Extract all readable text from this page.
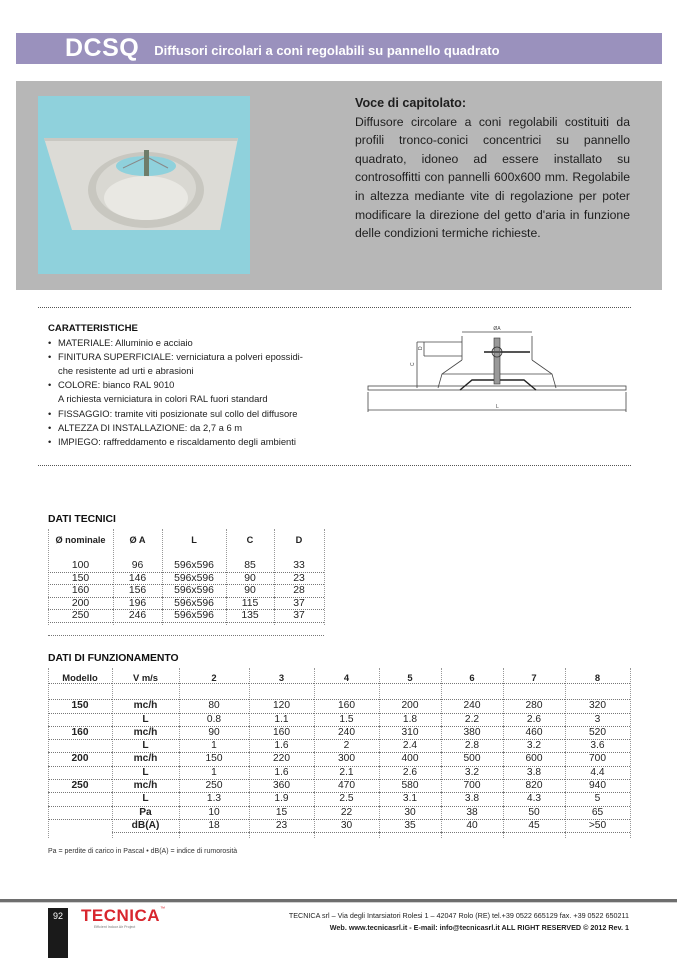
DCSQ Diffusori circolari a coni regolabili su pannello quadrato
Voce di capitolato:
Diffusore circolare a coni regolabili costituiti da profili tronco-conici concentrici su pannello quadrato, idoneo ad essere installato su controsoffitti con pannelli 600x600 mm. Regolabile in altezza mediante vite di regolazione per poter modificare la direzione del getto d'aria in funzione delle condizioni termiche richieste.
CARATTERISTICHE
• MATERIALE: Alluminio e acciaio
• FINITURA SUPERFICIALE: verniciatura a polveri epossidi-
che resistente ad urti e abrasioni
• COLORE: bianco RAL 9010
A richiesta verniciatura in colori RAL fuori standard
• FISSAGGIO: tramite viti posizionate sul collo del diffusore
• ALTEZZA DI INSTALLAZIONE: da 2,7 a 6 m
• IMPIEGO: raffreddamento e riscaldamento degli ambienti
ØA
C
D
L
DATI TECNICI
Ø nominale	Ø A	L	C	D

100	96	596x596	85	33
150	146	596x596	90	23
160	156	596x596	90	28
200	196	596x596	115	37
250	246	596x596	135	37

DATI DI FUNZIONAMENTO
Modello	V m/s	2	3	4	5	6	7	8

150	mc/h	80	120	160	200	240	280	320
	L	0.8	1.1	1.5	1.8	2.2	2.6	3
160	mc/h	90	160	240	310	380	460	520
	L	1	1.6	2	2.4	2.8	3.2	3.6
200	mc/h	150	220	300	400	500	600	700
	L	1	1.6	2.1	2.6	3.2	3.8	4.4
250	mc/h	250	360	470	580	700	820	940
	L	1.3	1.9	2.5	3.1	3.8	4.3	5
	Pa	10	15	22	30	38	50	65
	dB(A)	18	23	30	35	40	45	>50
Pa = perdite di carico in Pascal • dB(A) = indice di rumorosità
92 TECNICA™
Efficient Indoor Air Project
TECNICA srl – Via degli Intarsiatori Rolesi 1 – 42047 Rolo (RE) tel.+39 0522 665129 fax. +39 0522 650211
Web. www.tecnicasrl.it - E-mail: info@tecnicasrl.it ALL RIGHT RESERVED © 2012 Rev. 1
